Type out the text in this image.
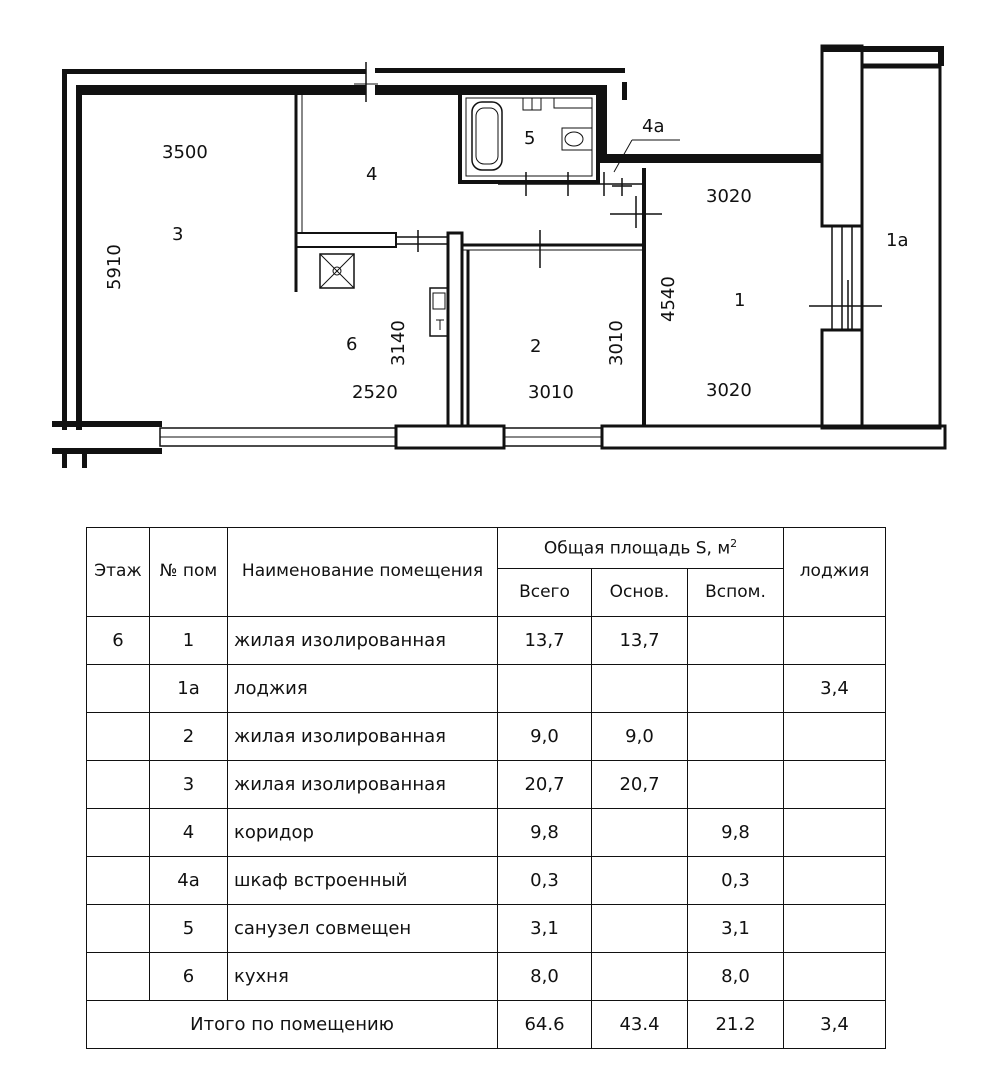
1
1а
2
3
4
4а
5
6
3500
5910
3140
2520
3010
3010
3020
3020
4540
Этаж	№ пом	Наименование помещения	Общая площадь S, $м^2$			лоджия
			Всего	Основ.	Вспом.	
6	1	жилая изолированная	13,7	13,7		
	1а	лоджия				3,4
	2	жилая изолированная	9,0	9,0		
	3	жилая изолированная	20,7	20,7		
	4	коридор	9,8		9,8	
	4а	шкаф встроенный	0,3		0,3	
	5	санузел совмещен	3,1		3,1	
	6	кухня	8,0		8,0	
Итого по помещению			64.6	43.4	21.2	3,4
